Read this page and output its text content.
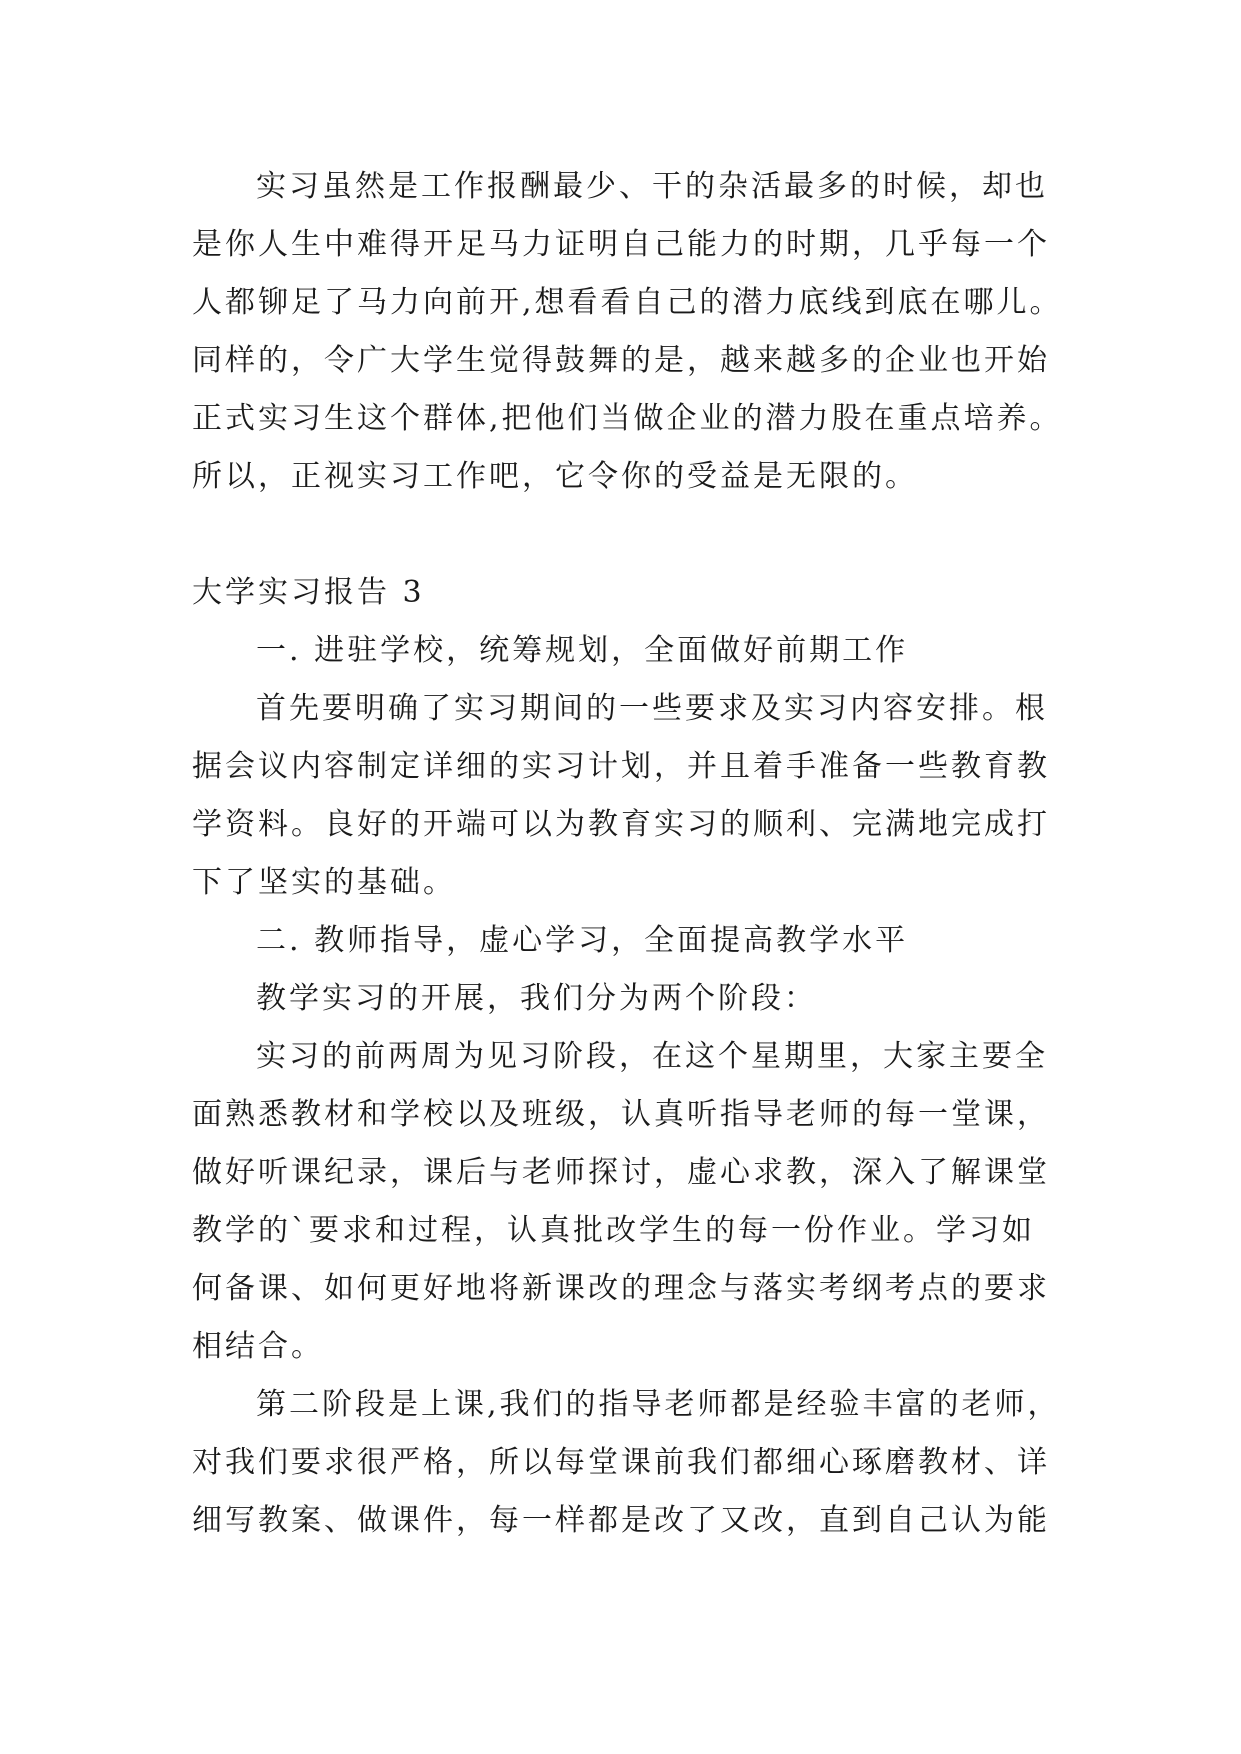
实习虽然是工作报酬最少、干的杂活最多的时候，却也
是你人生中难得开足马力证明自己能力的时期，几乎每一个
人都铆足了马力向前开,想看看自己的潜力底线到底在哪儿。
同样的，令广大学生觉得鼓舞的是，越来越多的企业也开始
正式实习生这个群体,把他们当做企业的潜力股在重点培养。
所以，正视实习工作吧，它令你的受益是无限的。
大学实习报告 3
一. 进驻学校，统筹规划，全面做好前期工作
首先要明确了实习期间的一些要求及实习内容安排。根
据会议内容制定详细的实习计划，并且着手准备一些教育教
学资料。良好的开端可以为教育实习的顺利、完满地完成打
下了坚实的基础。
二. 教师指导，虚心学习，全面提高教学水平
教学实习的开展，我们分为两个阶段：
实习的前两周为见习阶段，在这个星期里，大家主要全
面熟悉教材和学校以及班级，认真听指导老师的每一堂课，
做好听课纪录，课后与老师探讨，虚心求教，深入了解课堂
教学的`要求和过程，认真批改学生的每一份作业。学习如
何备课、如何更好地将新课改的理念与落实考纲考点的要求
相结合。
第二阶段是上课,我们的指导老师都是经验丰富的老师，
对我们要求很严格，所以每堂课前我们都细心琢磨教材、详
细写教案、做课件，每一样都是改了又改，直到自己认为能
